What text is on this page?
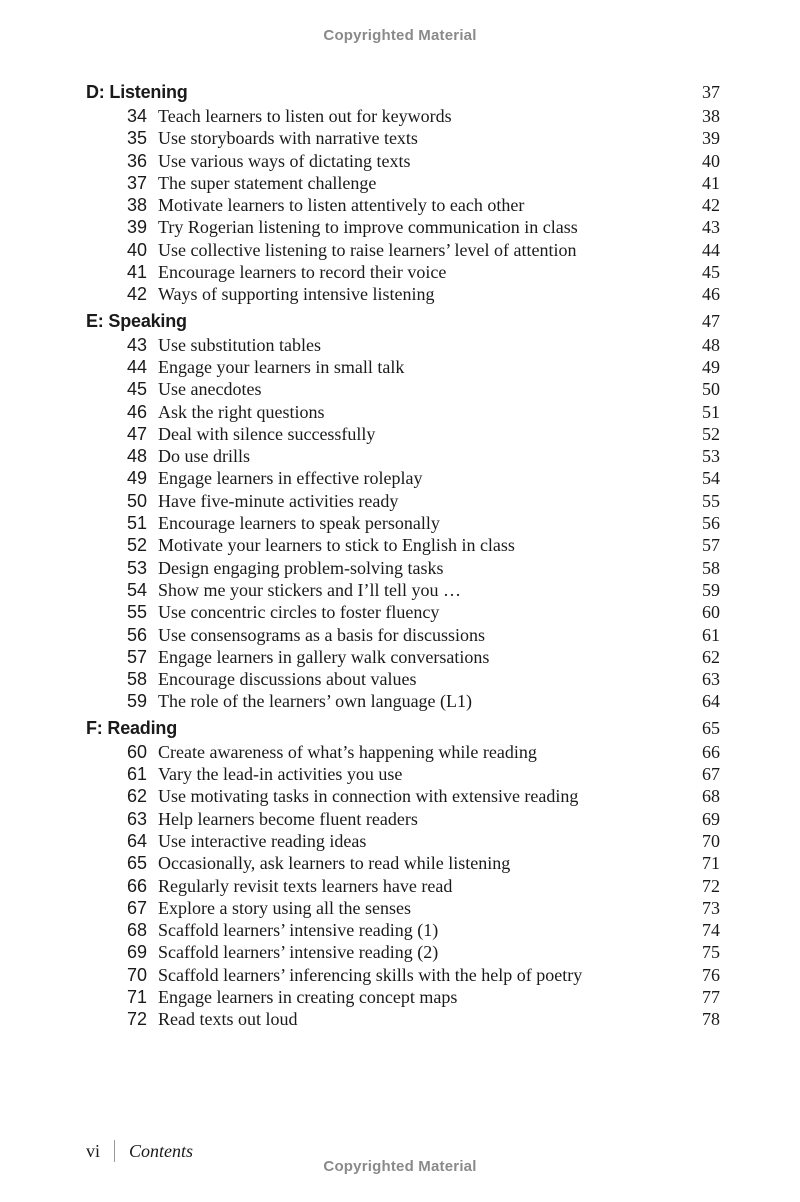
Copyrighted Material
D: Listening	37
34 Teach learners to listen out for keywords	38
35 Use storyboards with narrative texts	39
36 Use various ways of dictating texts	40
37 The super statement challenge	41
38 Motivate learners to listen attentively to each other	42
39 Try Rogerian listening to improve communication in class	43
40 Use collective listening to raise learners’ level of attention	44
41 Encourage learners to record their voice	45
42 Ways of supporting intensive listening	46
E: Speaking	47
43 Use substitution tables	48
44 Engage your learners in small talk	49
45 Use anecdotes	50
46 Ask the right questions	51
47 Deal with silence successfully	52
48 Do use drills	53
49 Engage learners in effective roleplay	54
50 Have five-minute activities ready	55
51 Encourage learners to speak personally	56
52 Motivate your learners to stick to English in class	57
53 Design engaging problem-solving tasks	58
54 Show me your stickers and I’ll tell you …	59
55 Use concentric circles to foster fluency	60
56 Use consensograms as a basis for discussions	61
57 Engage learners in gallery walk conversations	62
58 Encourage discussions about values	63
59 The role of the learners’ own language (L1)	64
F: Reading	65
60 Create awareness of what’s happening while reading	66
61 Vary the lead-in activities you use	67
62 Use motivating tasks in connection with extensive reading	68
63 Help learners become fluent readers	69
64 Use interactive reading ideas	70
65 Occasionally, ask learners to read while listening	71
66 Regularly revisit texts learners have read	72
67 Explore a story using all the senses	73
68 Scaffold learners’ intensive reading (1)	74
69 Scaffold learners’ intensive reading (2)	75
70 Scaffold learners’ inferencing skills with the help of poetry	76
71 Engage learners in creating concept maps	77
72 Read texts out loud	78
vi Contents
Copyrighted Material
